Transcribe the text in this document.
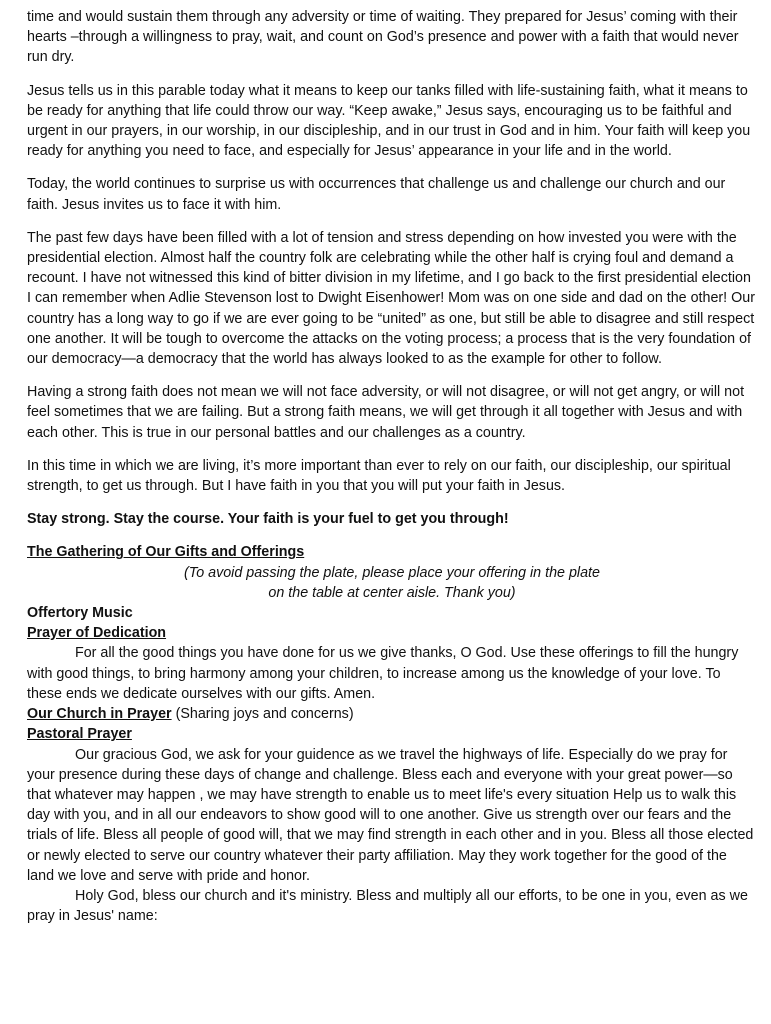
time and would sustain them through any adversity or time of waiting. They prepared for Jesus’ coming with their hearts –through a willingness to pray, wait, and count on God’s presence and power with a faith that would never run dry.

Jesus tells us in this parable today what it means to keep our tanks filled with life-sustaining faith, what it means to be ready for anything that life could throw our way. “Keep awake,” Jesus says, encouraging us to be faithful and urgent in our prayers, in our worship, in our discipleship, and in our trust in God and in him. Your faith will keep you ready for anything you need to face, and especially for Jesus’ appearance in your life and in the world.

Today, the world continues to surprise us with occurrences that challenge us and challenge our church and our faith. Jesus invites us to face it with him.

The past few days have been filled with a lot of tension and stress depending on how invested you were with the presidential election. Almost half the country folk are celebrating while the other half is crying foul and demand a recount. I have not witnessed this kind of bitter division in my lifetime, and I go back to the first presidential election I can remember when Adlie Stevenson lost to Dwight Eisenhower! Mom was on one side and dad on the other! Our country has a long way to go if we are ever going to be “united” as one, but still be able to disagree and still respect one another. It will be tough to overcome the attacks on the voting process; a process that is the very foundation of our democracy—a democracy that the world has always looked to as the example for other to follow.

Having a strong faith does not mean we will not face adversity, or will not disagree, or will not get angry, or will not feel sometimes that we are failing. But a strong faith means, we will get through it all together with Jesus and with each other. This is true in our personal battles and our challenges as a country.

In this time in which we are living, it’s more important than ever to rely on our faith, our discipleship, our spiritual strength, to get us through. But I have faith in you that you will put your faith in Jesus.

Stay strong. Stay the course. Your faith is your fuel to get you through!

The Gathering of Our Gifts and Offerings
(To avoid passing the plate, please place your offering in the plate
on the table at center aisle. Thank you)
Offertory Music
Prayer of Dedication
For all the good things you have done for us we give thanks, O God. Use these offerings to fill the hungry with good things, to bring harmony among your children, to increase among us the knowledge of your love. To these ends we dedicate ourselves with our gifts. Amen.
Our Church in Prayer (Sharing joys and concerns)
Pastoral Prayer
Our gracious God, we ask for your guidence as we travel the highways of life. Especially do we pray for your presence during these days of change and challenge. Bless each and everyone with your great power—so that whatever may happen , we may have strength to enable us to meet life's every situation Help us to walk this day with you, and in all our endeavors to show good will to one another. Give us strength over our fears and the trials of life. Bless all people of good will, that we may find strength in each other and in you. Bless all those elected or newly elected to serve our country whatever their party affiliation. May they work together for the good of the land we love and serve with pride and honor.
Holy God, bless our church and it's ministry. Bless and multiply all our efforts, to be one in you, even as we pray in Jesus' name:
